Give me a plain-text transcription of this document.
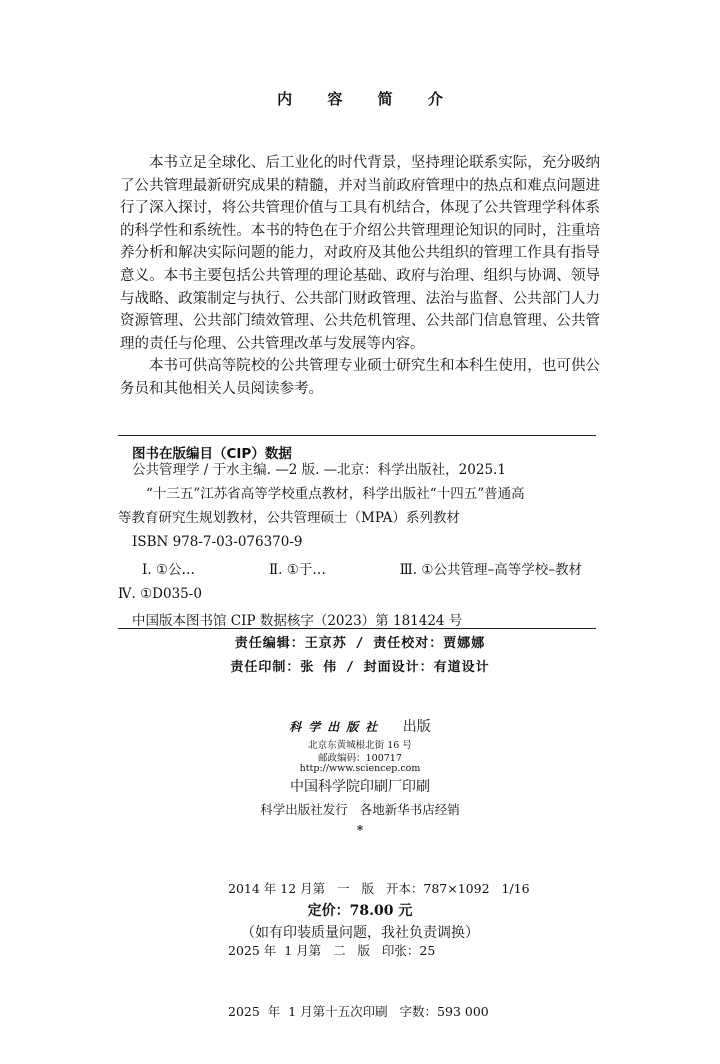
内 容 简 介

本书立足全球化、后工业化的时代背景，坚持理论联系实际，充分吸纳了公共管理最新研究成果的精髓，并对当前政府管理中的热点和难点问题进行了深入探讨，将公共管理价值与工具有机结合，体现了公共管理学科体系的科学性和系统性。本书的特色在于介绍公共管理理论知识的同时，注重培养分析和解决实际问题的能力，对政府及其他公共组织的管理工作具有指导意义。本书主要包括公共管理的理论基础、政府与治理、组织与协调、领导与战略、政策制定与执行、公共部门财政管理、法治与监督、公共部门人力资源管理、公共部门绩效管理、公共危机管理、公共部门信息管理、公共管理的责任与伦理、公共管理改革与发展等内容。

本书可供高等院校的公共管理专业硕士研究生和本科生使用，也可供公务员和其他相关人员阅读参考。

图书在版编目（CIP）数据
公共管理学 / 于水主编. —2 版. —北京：科学出版社，2025.1
“十三五”江苏省高等学校重点教材，科学出版社“十四五”普通高
等教育研究生规划教材，公共管理硕士（MPA）系列教材
ISBN 978-7-03-076370-9
Ⅰ. ①公…	Ⅱ. ①于…	Ⅲ. ①公共管理–高等学校–教材
Ⅳ. ①D035-0
中国版本图书馆 CIP 数据核字（2023）第 181424 号
责任编辑：王京苏 / 责任校对：贾娜娜
责任印制：张 伟 / 封面设计：有道设计
科学出版社 出版
北京东黄城根北街 16 号
邮政编码：100717
http://www.sciencep.com
中国科学院印刷厂印刷
科学出版社发行   各地新华书店经销
*

2014 年 12 月第   一   版   开本：787×1092   1/16

2025 年  1 月第   二   版   印张：25

2025  年  1 月第十五次印刷   字数：593 000

定价：78.00 元
（如有印装质量问题，我社负责调换）
